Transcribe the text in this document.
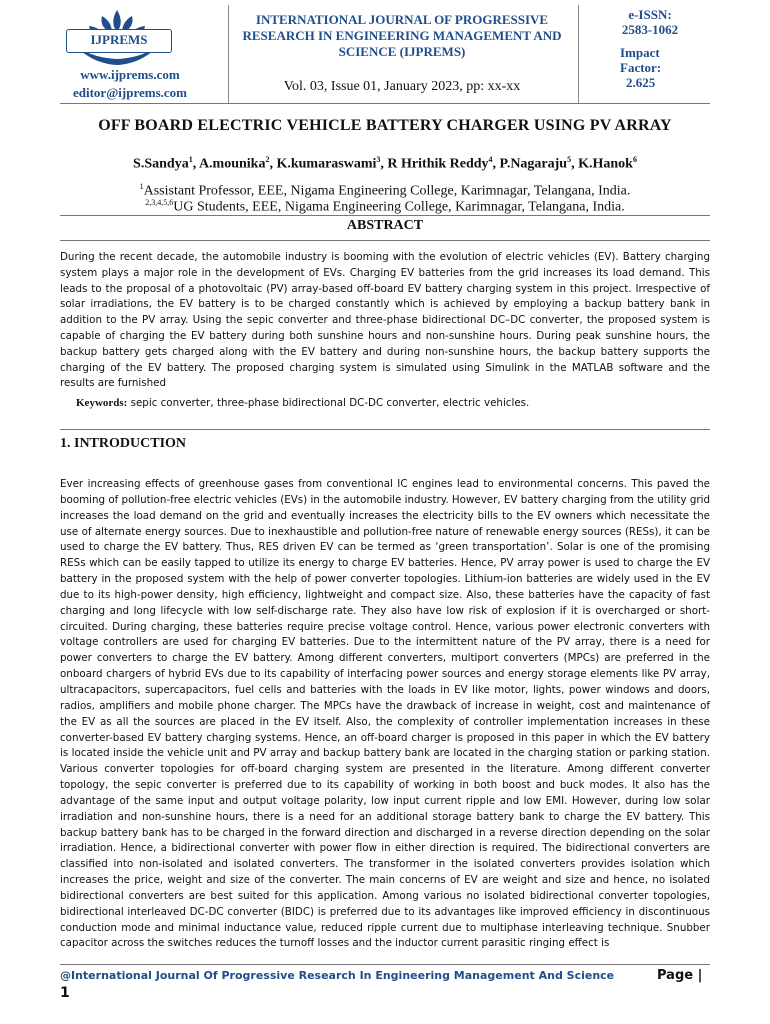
IJPREMS
www.ijprems.com
editor@ijprems.com
INTERNATIONAL JOURNAL OF PROGRESSIVE RESEARCH IN ENGINEERING MANAGEMENT AND SCIENCE (IJPREMS)
Vol. 03, Issue 01, January 2023, pp: xx-xx
e-ISSN:
2583-1062
Impact
Factor:
2.625
OFF BOARD ELECTRIC VEHICLE BATTERY CHARGER USING PV ARRAY
S.Sandya$^1$, A.mounika$^2$, K.kumaraswami$^3$, R Hrithik Reddy$^4$, P.Nagaraju$^5$, K.Hanok$^6$
$^1$Assistant Professor, EEE, Nigama Engineering College, Karimnagar, Telangana, India.
$^{2,3,4,5,6}$UG Students, EEE, Nigama Engineering College, Karimnagar, Telangana, India.
ABSTRACT
During the recent decade, the automobile industry is booming with the evolution of electric vehicles (EV). Battery charging system plays a major role in the development of EVs. Charging EV batteries from the grid increases its load demand. This leads to the proposal of a photovoltaic (PV) array-based off-board EV battery charging system in this project. Irrespective of solar irradiations, the EV battery is to be charged constantly which is achieved by employing a backup battery bank in addition to the PV array. Using the sepic converter and three-phase bidirectional DC–DC converter, the proposed system is capable of charging the EV battery during both sunshine hours and non-sunshine hours. During peak sunshine hours, the backup battery gets charged along with the EV battery and during non-sunshine hours, the backup battery supports the charging of the EV battery. The proposed charging system is simulated using Simulink in the MATLAB software and the results are furnished
Keywords: sepic converter, three-phase bidirectional DC-DC converter, electric vehicles.
1. INTRODUCTION
Ever increasing effects of greenhouse gases from conventional IC engines lead to environmental concerns. This paved the booming of pollution-free electric vehicles (EVs) in the automobile industry. However, EV battery charging from the utility grid increases the load demand on the grid and eventually increases the electricity bills to the EV owners which necessitate the use of alternate energy sources. Due to inexhaustible and pollution-free nature of renewable energy sources (RESs), it can be used to charge the EV battery. Thus, RES driven EV can be termed as ‘green transportation’. Solar is one of the promising RESs which can be easily tapped to utilize its energy to charge EV batteries. Hence, PV array power is used to charge the EV battery in the proposed system with the help of power converter topologies. Lithium-ion batteries are widely used in the EV due to its high-power density, high efficiency, lightweight and compact size. Also, these batteries have the capacity of fast charging and long lifecycle with low self-discharge rate. They also have low risk of explosion if it is overcharged or short-circuited. During charging, these batteries require precise voltage control. Hence, various power electronic converters with voltage controllers are used for charging EV batteries. Due to the intermittent nature of the PV array, there is a need for power converters to charge the EV battery. Among different converters, multiport converters (MPCs) are preferred in the onboard chargers of hybrid EVs due to its capability of interfacing power sources and energy storage elements like PV array, ultracapacitors, supercapacitors, fuel cells and batteries with the loads in EV like motor, lights, power windows and doors, radios, amplifiers and mobile phone charger. The MPCs have the drawback of increase in weight, cost and maintenance of the EV as all the sources are placed in the EV itself. Also, the complexity of controller implementation increases in these converter-based EV battery charging systems. Hence, an off-board charger is proposed in this paper in which the EV battery is located inside the vehicle unit and PV array and backup battery bank are located in the charging station or parking station. Various converter topologies for off-board charging system are presented in the literature. Among different converter topology, the sepic converter is preferred due to its capability of working in both boost and buck modes. It also has the advantage of the same input and output voltage polarity, low input current ripple and low EMI. However, during low solar irradiation and non-sunshine hours, there is a need for an additional storage battery bank to charge the EV battery. This backup battery bank has to be charged in the forward direction and discharged in a reverse direction depending on the solar irradiation. Hence, a bidirectional converter with power flow in either direction is required. The bidirectional converters are classified into non-isolated and isolated converters. The transformer in the isolated converters provides isolation which increases the price, weight and size of the converter. The main concerns of EV are weight and size and hence, no isolated bidirectional converters are best suited for this application. Among various no isolated bidirectional converter topologies, bidirectional interleaved DC-DC converter (BIDC) is preferred due to its advantages like improved efficiency in discontinuous conduction mode and minimal inductance value, reduced ripple current due to multiphase interleaving technique. Snubber capacitor across the switches reduces the turnoff losses and the inductor current parasitic ringing effect is
@International Journal Of Progressive Research In Engineering Management And Science	Page |
1
